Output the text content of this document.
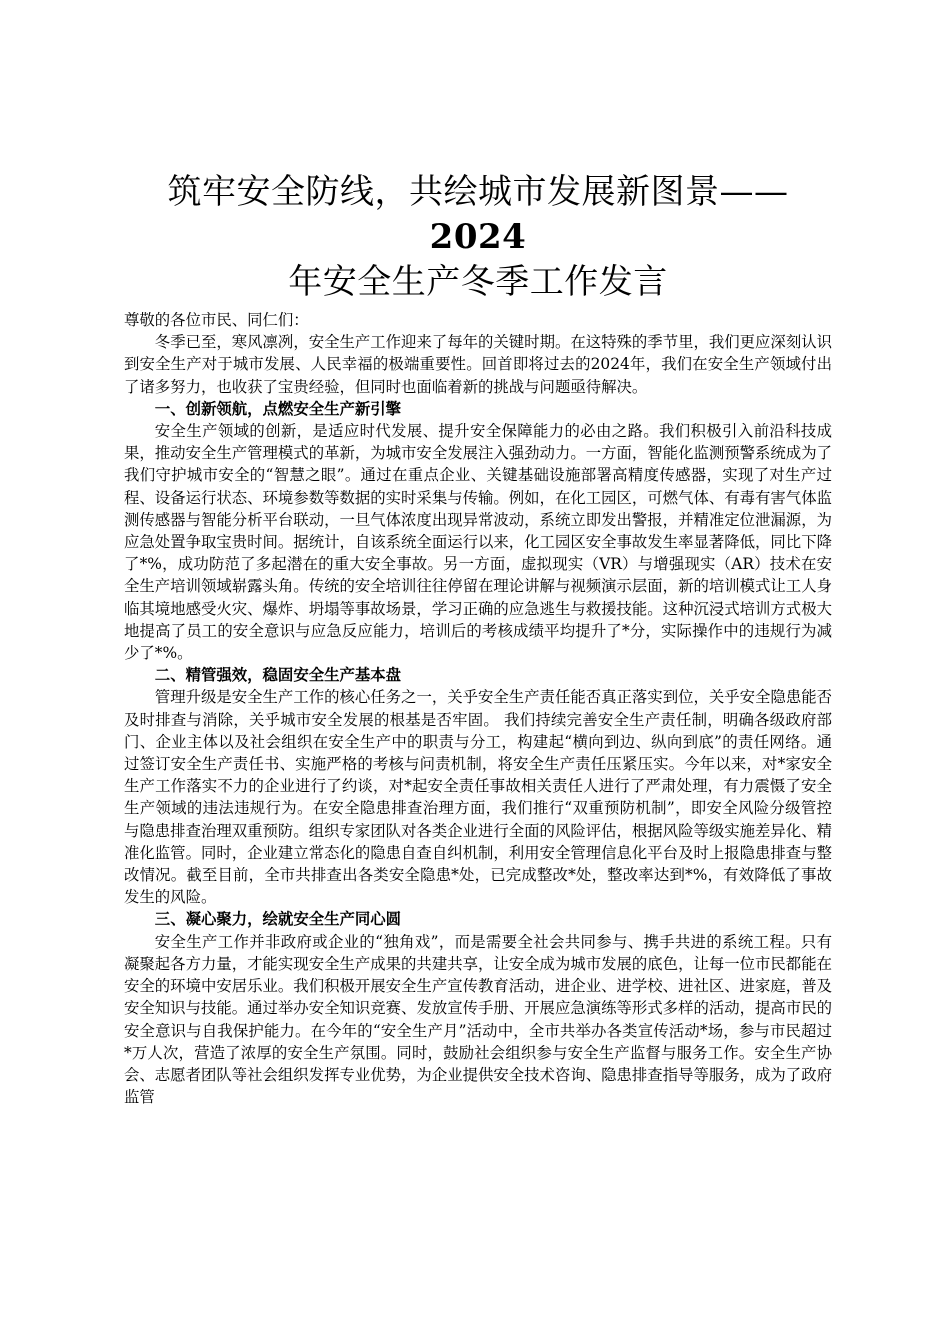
筑牢安全防线，共绘城市发展新图景——2024
年安全生产冬季工作发言

尊敬的各位市民、同仁们：

冬季已至，寒风凛冽，安全生产工作迎来了每年的关键时期。在这特殊的季节里，我们更应深刻认识到安全生产对于城市发展、人民幸福的极端重要性。回首即将过去的2024年，我们在安全生产领域付出了诸多努力，也收获了宝贵经验，但同时也面临着新的挑战与问题亟待解决。

一、创新领航，点燃安全生产新引擎

安全生产领域的创新，是适应时代发展、提升安全保障能力的必由之路。我们积极引入前沿科技成果，推动安全生产管理模式的革新，为城市安全发展注入强劲动力。一方面，智能化监测预警系统成为了我们守护城市安全的“智慧之眼”。通过在重点企业、关键基础设施部署高精度传感器，实现了对生产过程、设备运行状态、环境参数等数据的实时采集与传输。例如，在化工园区，可燃气体、有毒有害气体监测传感器与智能分析平台联动，一旦气体浓度出现异常波动，系统立即发出警报，并精准定位泄漏源，为应急处置争取宝贵时间。据统计，自该系统全面运行以来，化工园区安全事故发生率显著降低，同比下降了*%，成功防范了多起潜在的重大安全事故。另一方面，虚拟现实（VR）与增强现实（AR）技术在安全生产培训领域崭露头角。传统的安全培训往往停留在理论讲解与视频演示层面，新的培训模式让工人身临其境地感受火灾、爆炸、坍塌等事故场景，学习正确的应急逃生与救援技能。这种沉浸式培训方式极大地提高了员工的安全意识与应急反应能力，培训后的考核成绩平均提升了*分，实际操作中的违规行为减少了*%。

二、精管强效，稳固安全生产基本盘

管理升级是安全生产工作的核心任务之一，关乎安全生产责任能否真正落实到位，关乎安全隐患能否及时排查与消除，关乎城市安全发展的根基是否牢固。 我们持续完善安全生产责任制，明确各级政府部门、企业主体以及社会组织在安全生产中的职责与分工，构建起“横向到边、纵向到底”的责任网络。通过签订安全生产责任书、实施严格的考核与问责机制，将安全生产责任压紧压实。今年以来，对*家安全生产工作落实不力的企业进行了约谈，对*起安全责任事故相关责任人进行了严肃处理，有力震慑了安全生产领域的违法违规行为。在安全隐患排查治理方面，我们推行“双重预防机制”，即安全风险分级管控与隐患排查治理双重预防。组织专家团队对各类企业进行全面的风险评估，根据风险等级实施差异化、精准化监管。同时，企业建立常态化的隐患自查自纠机制，利用安全管理信息化平台及时上报隐患排查与整改情况。截至目前，全市共排查出各类安全隐患*处，已完成整改*处，整改率达到*%，有效降低了事故发生的风险。

三、凝心聚力，绘就安全生产同心圆

安全生产工作并非政府或企业的“独角戏”，而是需要全社会共同参与、携手共进的系统工程。只有凝聚起各方力量，才能实现安全生产成果的共建共享，让安全成为城市发展的底色，让每一位市民都能在安全的环境中安居乐业。我们积极开展安全生产宣传教育活动，进企业、进学校、进社区、进家庭，普及安全知识与技能。通过举办安全知识竞赛、发放宣传手册、开展应急演练等形式多样的活动，提高市民的安全意识与自我保护能力。在今年的“安全生产月”活动中，全市共举办各类宣传活动*场，参与市民超过*万人次，营造了浓厚的安全生产氛围。同时，鼓励社会组织参与安全生产监督与服务工作。安全生产协会、志愿者团队等社会组织发挥专业优势，为企业提供安全技术咨询、隐患排查指导等服务，成为了政府监管
